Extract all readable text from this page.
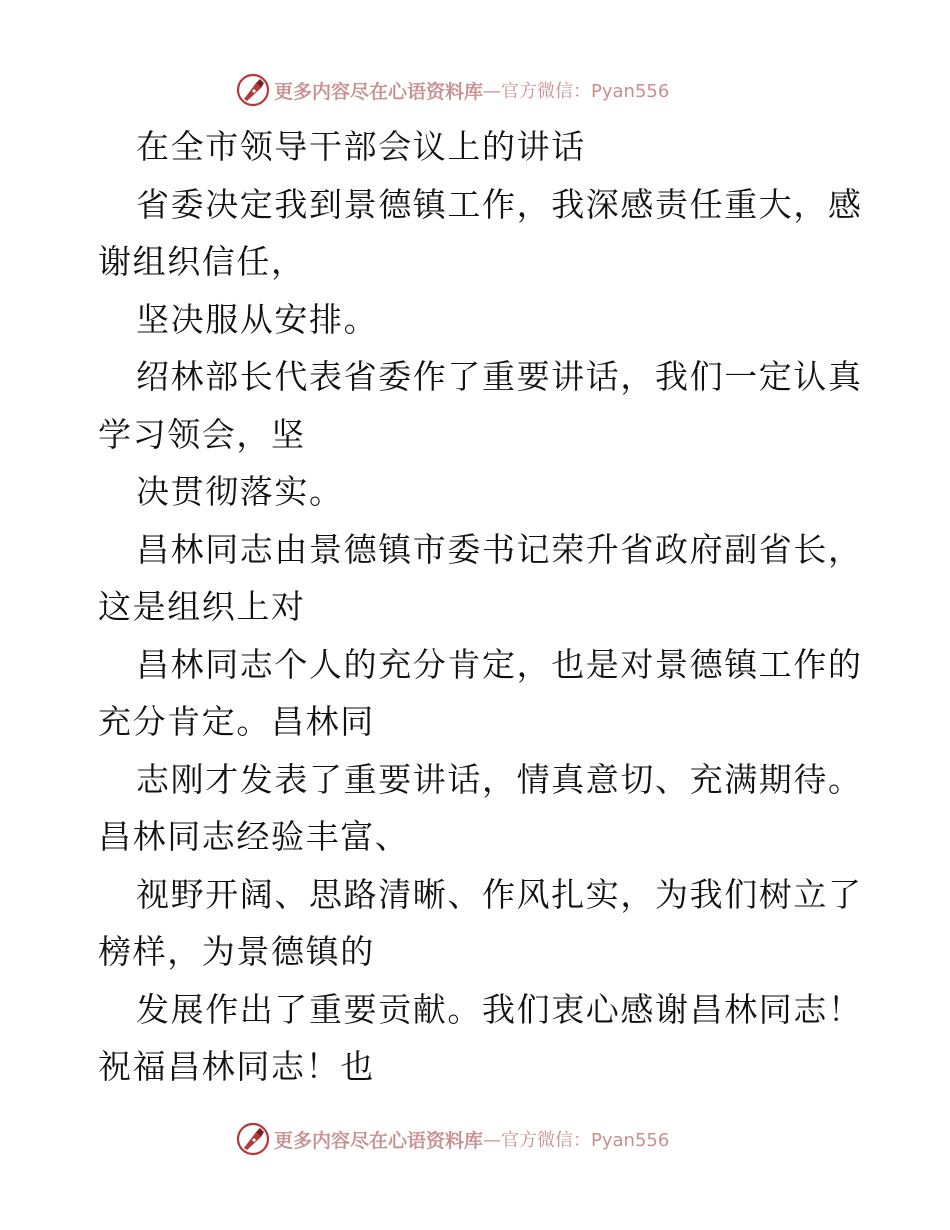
更多内容尽在心语资料库 —官方微信：Pyan556
在全市领导干部会议上的讲话
省委决定我到景德镇工作，我深感责任重大，感
谢组织信任，
坚决服从安排。
绍林部长代表省委作了重要讲话，我们一定认真
学习领会，坚
决贯彻落实。
昌林同志由景德镇市委书记荣升省政府副省长，
这是组织上对
昌林同志个人的充分肯定，也是对景德镇工作的
充分肯定。昌林同
志刚才发表了重要讲话，情真意切、充满期待。
昌林同志经验丰富、
视野开阔、思路清晰、作风扎实，为我们树立了
榜样，为景德镇的
发展作出了重要贡献。我们衷心感谢昌林同志！
祝福昌林同志！也
更多内容尽在心语资料库 —官方微信：Pyan556
